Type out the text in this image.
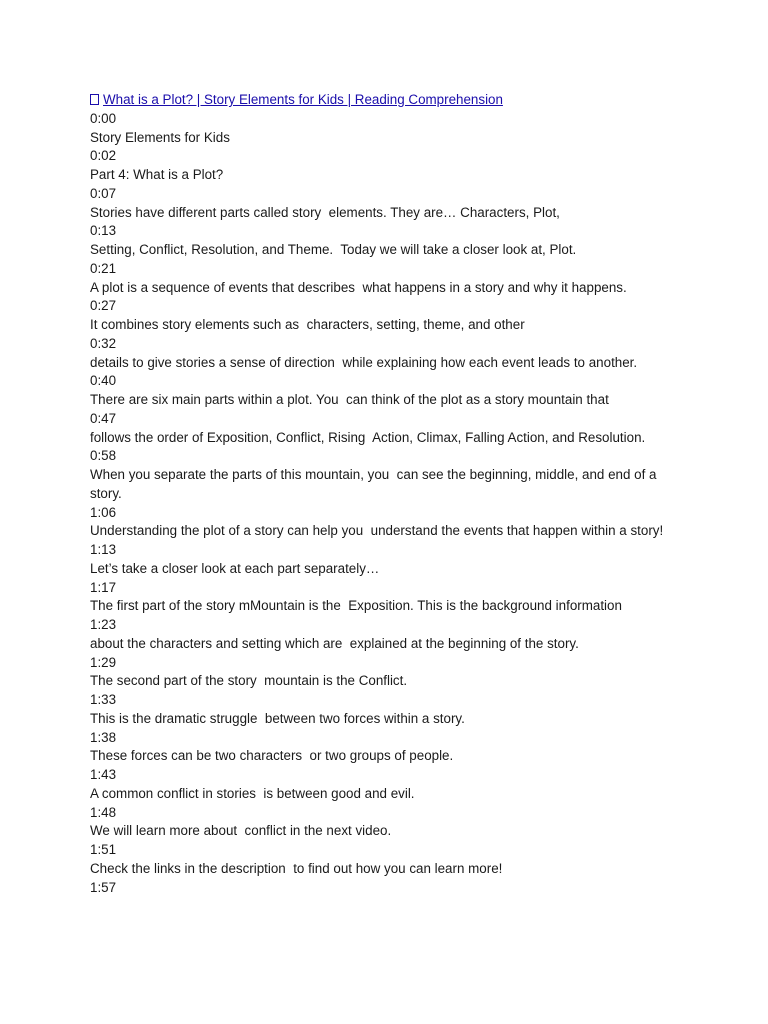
What is a Plot? | Story Elements for Kids | Reading Comprehension
0:00
Story Elements for Kids
0:02
Part 4: What is a Plot?
0:07
Stories have different parts called story  elements. They are… Characters, Plot,
0:13
Setting, Conflict, Resolution, and Theme.  Today we will take a closer look at, Plot.
0:21
A plot is a sequence of events that describes  what happens in a story and why it happens.
0:27
It combines story elements such as  characters, setting, theme, and other
0:32
details to give stories a sense of direction  while explaining how each event leads to another.
0:40
There are six main parts within a plot. You  can think of the plot as a story mountain that
0:47
follows the order of Exposition, Conflict, Rising  Action, Climax, Falling Action, and Resolution.
0:58
When you separate the parts of this mountain, you  can see the beginning, middle, and end of a story.
1:06
Understanding the plot of a story can help you  understand the events that happen within a story!
1:13
Let’s take a closer look at each part separately…
1:17
The first part of the story mMountain is the  Exposition. This is the background information
1:23
about the characters and setting which are  explained at the beginning of the story.
1:29
The second part of the story  mountain is the Conflict.
1:33
This is the dramatic struggle  between two forces within a story.
1:38
These forces can be two characters  or two groups of people.
1:43
A common conflict in stories  is between good and evil.
1:48
We will learn more about  conflict in the next video.
1:51
Check the links in the description  to find out how you can learn more!
1:57
